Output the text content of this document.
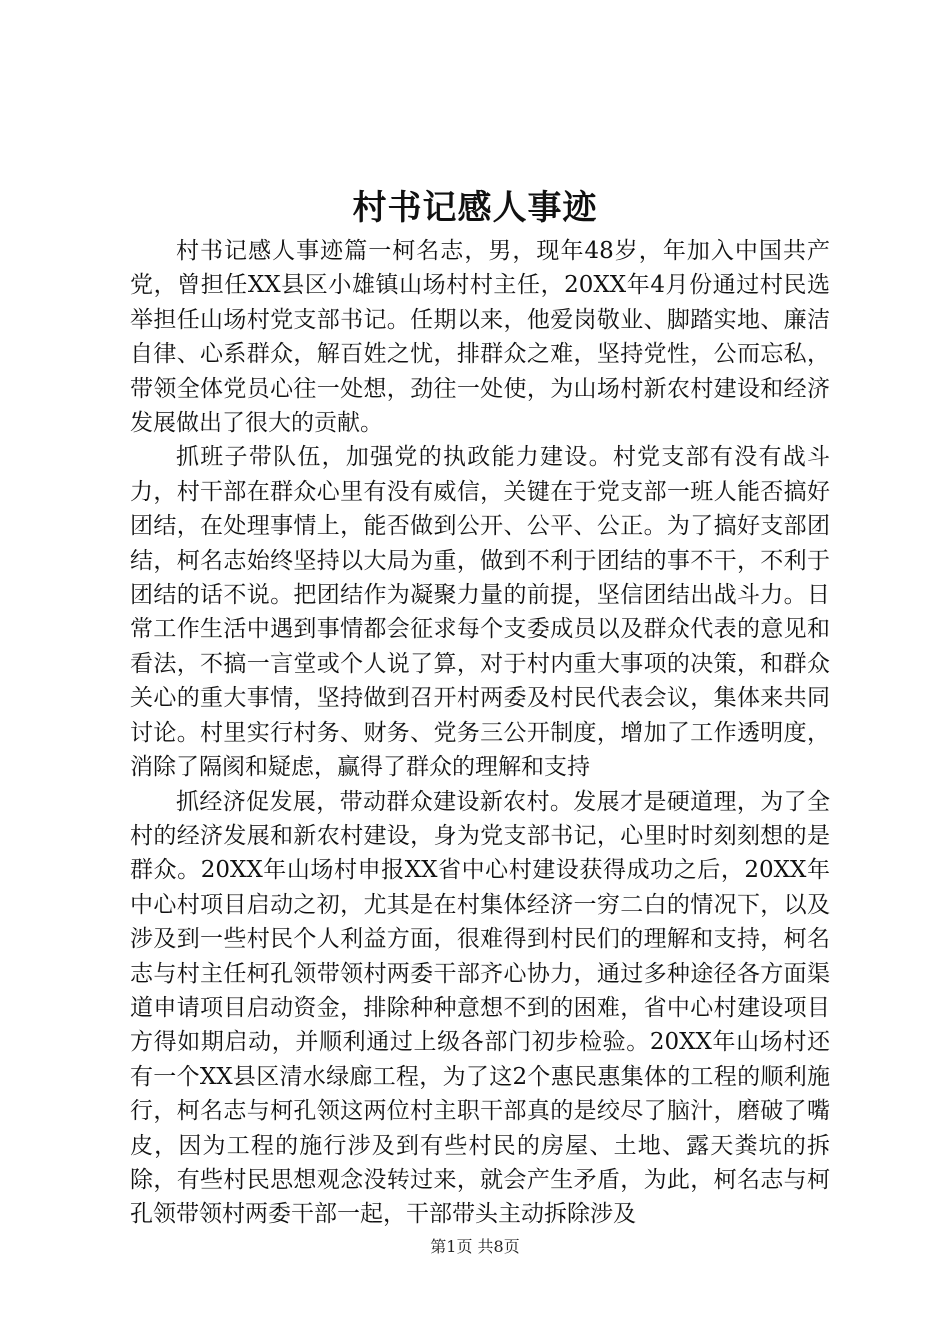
村书记感人事迹

村书记感人事迹篇一柯名志，男，现年48岁，年加入中国共产党，曾担任XX县区小雄镇山场村村主任，20XX年4月份通过村民选举担任山场村党支部书记。任期以来，他爱岗敬业、脚踏实地、廉洁自律、心系群众，解百姓之忧，排群众之难，坚持党性，公而忘私，带领全体党员心往一处想，劲往一处使，为山场村新农村建设和经济发展做出了很大的贡献。

抓班子带队伍，加强党的执政能力建设。村党支部有没有战斗力，村干部在群众心里有没有威信，关键在于党支部一班人能否搞好团结，在处理事情上，能否做到公开、公平、公正。为了搞好支部团结，柯名志始终坚持以大局为重，做到不利于团结的事不干，不利于团结的话不说。把团结作为凝聚力量的前提，坚信团结出战斗力。日常工作生活中遇到事情都会征求每个支委成员以及群众代表的意见和看法，不搞一言堂或个人说了算，对于村内重大事项的决策，和群众关心的重大事情，坚持做到召开村两委及村民代表会议，集体来共同讨论。村里实行村务、财务、党务三公开制度，增加了工作透明度，消除了隔阂和疑虑，赢得了群众的理解和支持

抓经济促发展，带动群众建设新农村。发展才是硬道理，为了全村的经济发展和新农村建设，身为党支部书记，心里时时刻刻想的是群众。20XX年山场村申报XX省中心村建设获得成功之后，20XX年中心村项目启动之初，尤其是在村集体经济一穷二白的情况下，以及涉及到一些村民个人利益方面，很难得到村民们的理解和支持，柯名志与村主任柯孔领带领村两委干部齐心协力，通过多种途径各方面渠道申请项目启动资金，排除种种意想不到的困难，省中心村建设项目方得如期启动，并顺利通过上级各部门初步检验。20XX年山场村还有一个XX县区清水绿廊工程，为了这2个惠民惠集体的工程的顺利施行，柯名志与柯孔领这两位村主职干部真的是绞尽了脑汁，磨破了嘴皮，因为工程的施行涉及到有些村民的房屋、土地、露天粪坑的拆除，有些村民思想观念没转过来，就会产生矛盾，为此，柯名志与柯孔领带领村两委干部一起，干部带头主动拆除涉及

第1页 共8页
